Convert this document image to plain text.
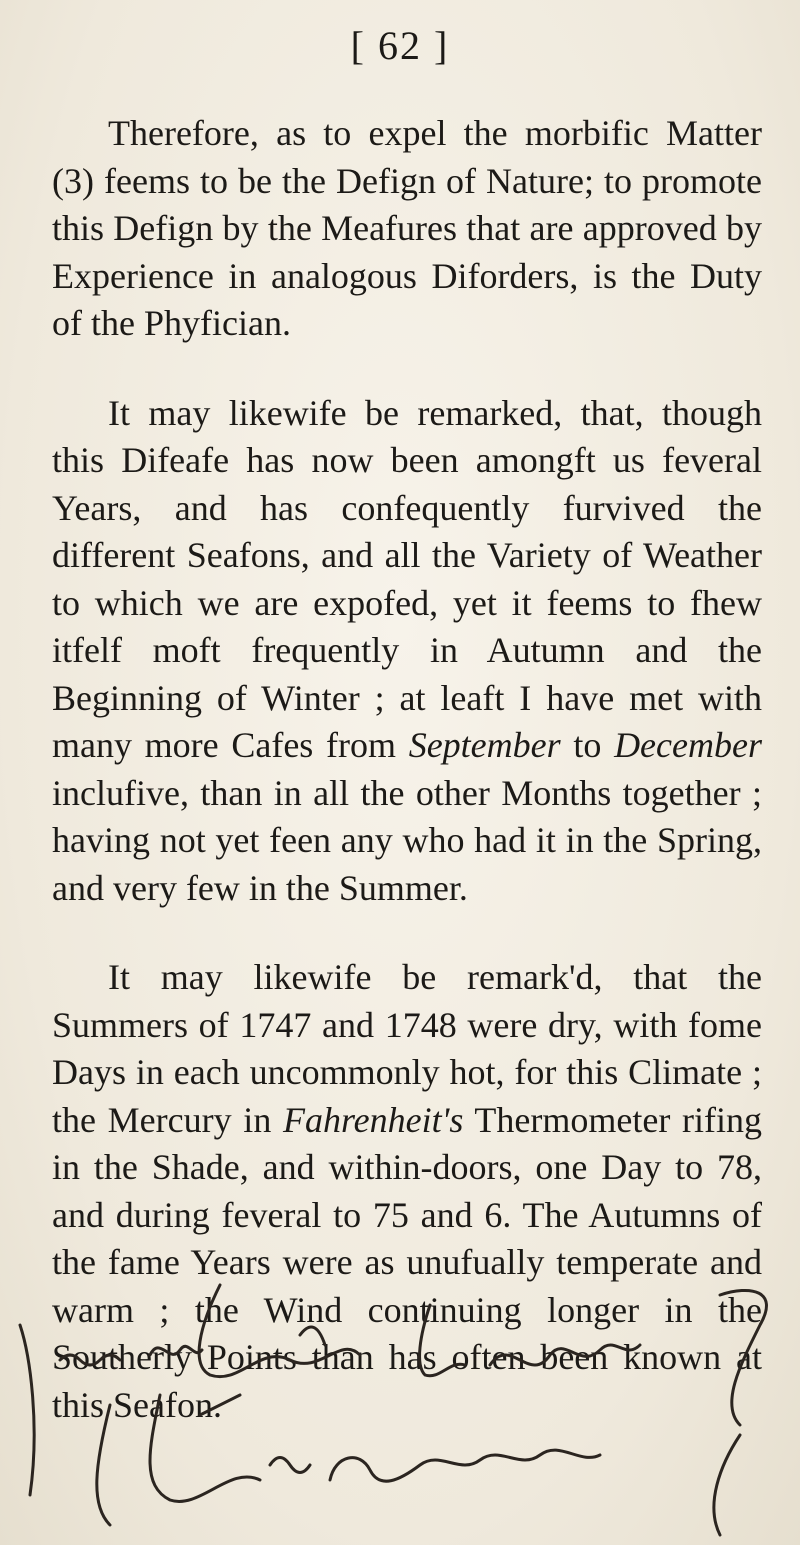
[ 62 ]

Therefore, as to expel the morbific Matter (3) feems to be the Defign of Nature; to promote this Defign by the Meafures that are approved by Experience in analogous Diforders, is the Duty of the Phyfician.

It may likewife be remarked, that, though this Difeafe has now been amongft us feveral Years, and has confequently furvived the different Seafons, and all the Variety of Weather to which we are expofed, yet it feems to fhew itfelf moft frequently in Autumn and the Beginning of Winter ; at leaft I have met with many more Cafes from September to December inclufive, than in all the other Months together ; having not yet feen any who had it in the Spring, and very few in the Summer.

It may likewife be remark'd, that the Summers of 1747 and 1748 were dry, with fome Days in each uncommonly hot, for this Climate ; the Mercury in Fahrenheit's Thermometer rifing in the Shade, and within-doors, one Day to 78, and during feveral to 75 and 6. The Autumns of the fame Years were as unufually temperate and warm ; the Wind continuing longer in the Southerly Points than has often been known at this Seafon.
